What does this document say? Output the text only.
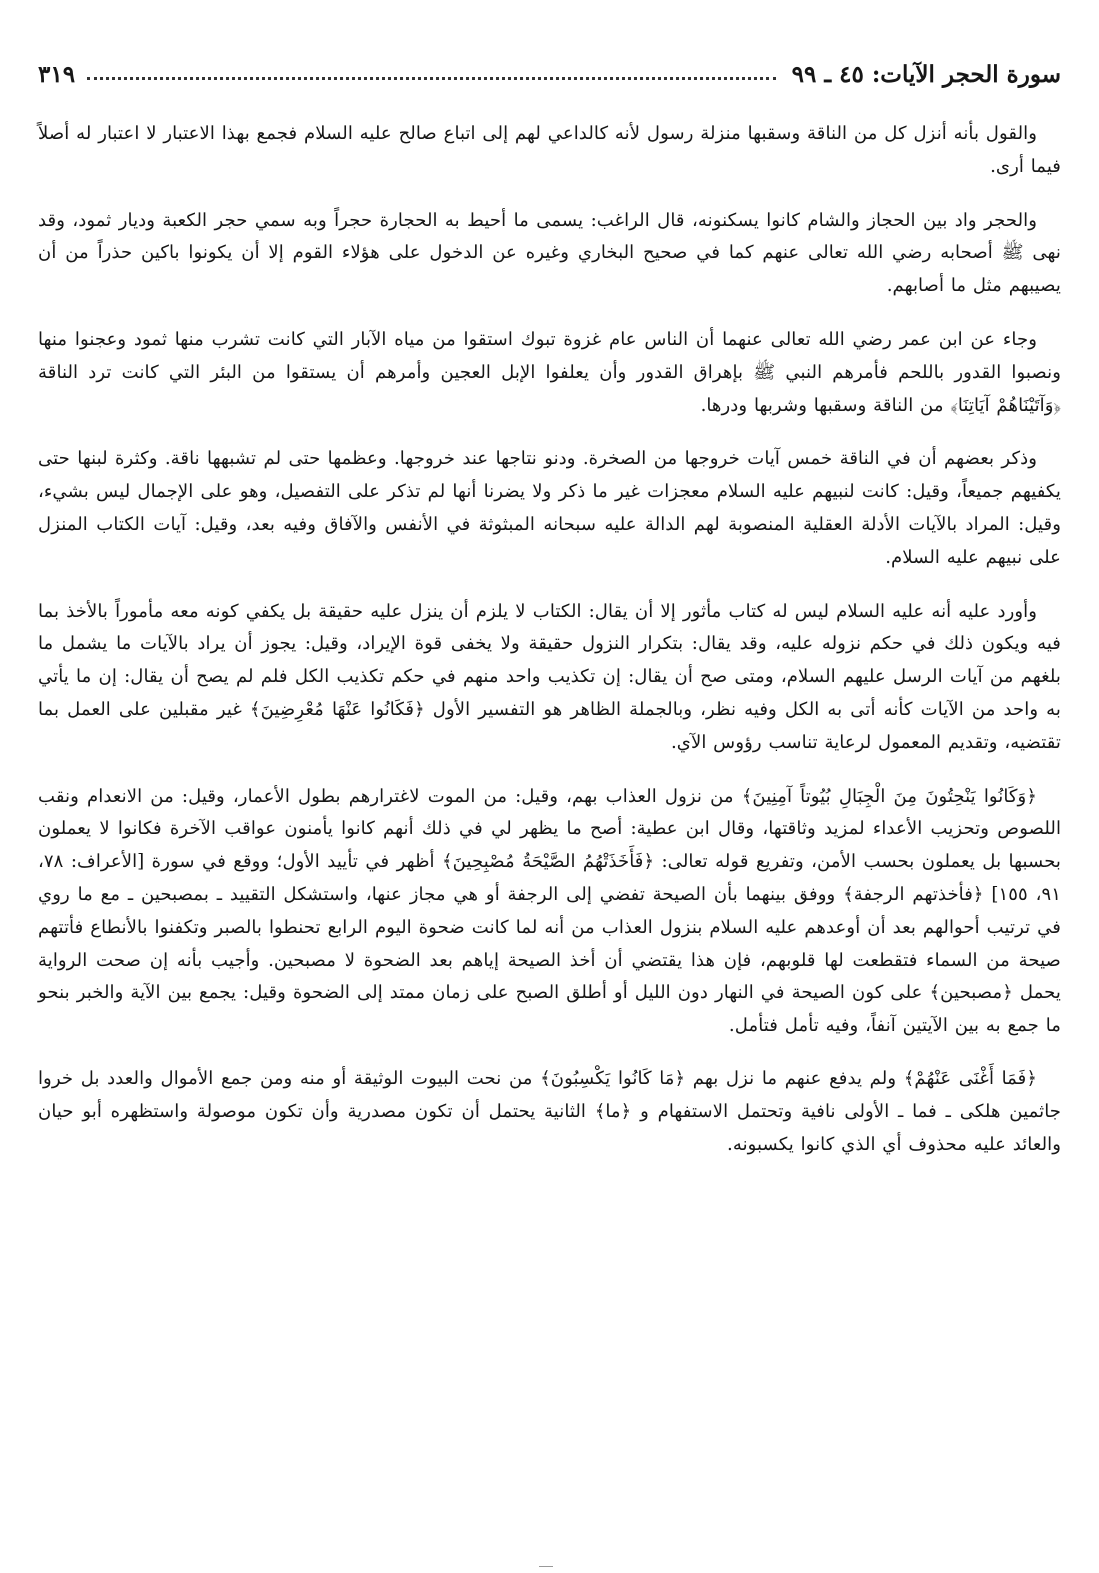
سورة الحجر الآيات: ٤٥ ـ ٩٩
٣١٩

والقول بأنه أنزل كل من الناقة وسقبها منزلة رسول لأنه كالداعي لهم إلى اتباع صالح عليه السلام فجمع بهذا الاعتبار لا اعتبار له أصلاً فيما أرى.

والحجر واد بين الحجاز والشام كانوا يسكنونه، قال الراغب: يسمى ما أحيط به الحجارة حجراً وبه سمي حجر الكعبة وديار ثمود، وقد نهى ﷺ أصحابه رضي الله تعالى عنهم كما في صحيح البخاري وغيره عن الدخول على هؤلاء القوم إلا أن يكونوا باكين حذراً من أن يصيبهم مثل ما أصابهم.

وجاء عن ابن عمر رضي الله تعالى عنهما أن الناس عام غزوة تبوك استقوا من مياه الآبار التي كانت تشرب منها ثمود وعجنوا منها ونصبوا القدور باللحم فأمرهم النبي ﷺ بإهراق القدور وأن يعلفوا الإبل العجين وأمرهم أن يستقوا من البئر التي كانت ترد الناقة ﴿وَآتَيْنَاهُمْ آيَاتِنَا﴾ من الناقة وسقبها وشربها ودرها.

وذكر بعضهم أن في الناقة خمس آيات خروجها من الصخرة. ودنو نتاجها عند خروجها. وعظمها حتى لم تشبهها ناقة. وكثرة لبنها حتى يكفيهم جميعاً، وقيل: كانت لنبيهم عليه السلام معجزات غير ما ذكر ولا يضرنا أنها لم تذكر على التفصيل، وهو على الإجمال ليس بشيء، وقيل: المراد بالآيات الأدلة العقلية المنصوبة لهم الدالة عليه سبحانه المبثوثة في الأنفس والآفاق وفيه بعد، وقيل: آيات الكتاب المنزل على نبيهم عليه السلام.

وأورد عليه أنه عليه السلام ليس له كتاب مأثور إلا أن يقال: الكتاب لا يلزم أن ينزل عليه حقيقة بل يكفي كونه معه مأموراً بالأخذ بما فيه ويكون ذلك في حكم نزوله عليه، وقد يقال: بتكرار النزول حقيقة ولا يخفى قوة الإيراد، وقيل: يجوز أن يراد بالآيات ما يشمل ما بلغهم من آيات الرسل عليهم السلام، ومتى صح أن يقال: إن تكذيب واحد منهم في حكم تكذيب الكل فلم لم يصح أن يقال: إن ما يأتي به واحد من الآيات كأنه أتى به الكل وفيه نظر، وبالجملة الظاهر هو التفسير الأول ﴿فَكَانُوا عَنْهَا مُعْرِضِينَ﴾ غير مقبلين على العمل بما تقتضيه، وتقديم المعمول لرعاية تناسب رؤوس الآي.

﴿وَكَانُوا يَنْحِتُونَ مِنَ الْجِبَالِ بُيُوتاً آمِنِينَ﴾ من نزول العذاب بهم، وقيل: من الموت لاغترارهم بطول الأعمار، وقيل: من الانعدام ونقب اللصوص وتحزيب الأعداء لمزيد وثاقتها، وقال ابن عطية: أصح ما يظهر لي في ذلك أنهم كانوا يأمنون عواقب الآخرة فكانوا لا يعملون بحسبها بل يعملون بحسب الأمن، وتفريع قوله تعالى: ﴿فَأَخَذَتْهُمُ الصَّيْحَةُ مُصْبِحِينَ﴾ أظهر في تأييد الأول؛ ووقع في سورة [الأعراف: ٧٨، ٩١، ١٥٥] ﴿فأخذتهم الرجفة﴾ ووفق بينهما بأن الصيحة تفضي إلى الرجفة أو هي مجاز عنها، واستشكل التقييد ـ بمصبحين ـ مع ما روي في ترتيب أحوالهم بعد أن أوعدهم عليه السلام بنزول العذاب من أنه لما كانت ضحوة اليوم الرابع تحنطوا بالصبر وتكفنوا بالأنطاع فأتتهم صيحة من السماء فتقطعت لها قلوبهم، فإن هذا يقتضي أن أخذ الصيحة إياهم بعد الضحوة لا مصبحين. وأجيب بأنه إن صحت الرواية يحمل ﴿مصبحين﴾ على كون الصيحة في النهار دون الليل أو أطلق الصبح على زمان ممتد إلى الضحوة وقيل: يجمع بين الآية والخبر بنحو ما جمع به بين الآيتين آنفاً، وفيه تأمل فتأمل.

﴿فَمَا أَغْنَى عَنْهُمْ﴾ ولم يدفع عنهم ما نزل بهم ﴿مَا كَانُوا يَكْسِبُونَ﴾ من نحت البيوت الوثيقة أو منه ومن جمع الأموال والعدد بل خروا جاثمين هلكى ـ فما ـ الأولى نافية وتحتمل الاستفهام و ﴿ما﴾ الثانية يحتمل أن تكون مصدرية وأن تكون موصولة واستظهره أبو حيان والعائد عليه محذوف أي الذي كانوا يكسبونه.
